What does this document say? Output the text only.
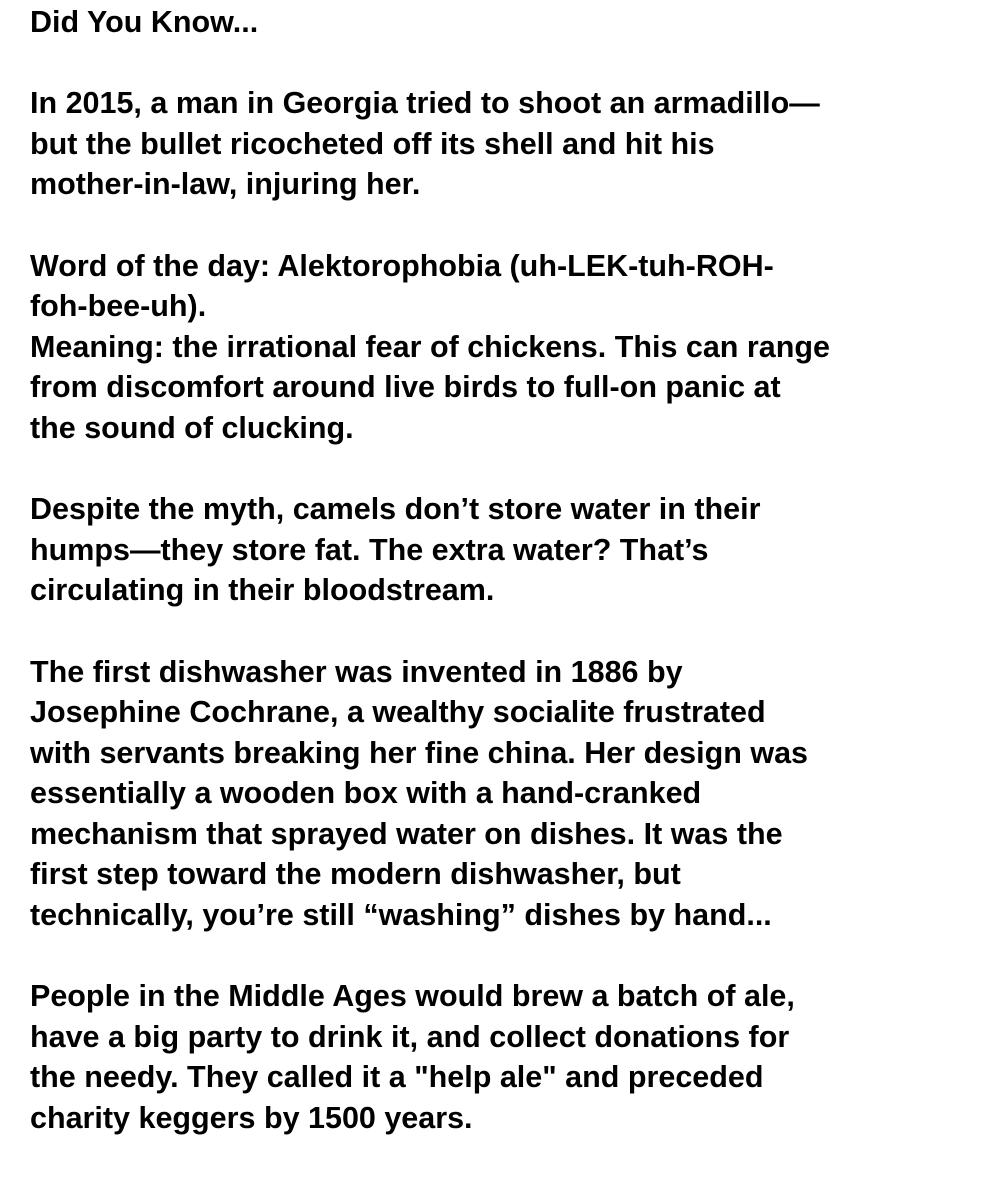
Did You Know...
In 2015, a man in Georgia tried to shoot an armadillo—
but the bullet ricocheted off its shell and hit his
mother-in-law, injuring her.
Word of the day: Alektorophobia (uh-LEK-tuh-ROH-
foh-bee-uh).
Meaning: the irrational fear of chickens. This can range
from discomfort around live birds to full-on panic at
the sound of clucking.
Despite the myth, camels don’t store water in their
humps—they store fat. The extra water? That’s
circulating in their bloodstream.
The first dishwasher was invented in 1886 by
Josephine Cochrane, a wealthy socialite frustrated
with servants breaking her fine china. Her design was
essentially a wooden box with a hand-cranked
mechanism that sprayed water on dishes. It was the
first step toward the modern dishwasher, but
technically, you’re still “washing” dishes by hand...
People in the Middle Ages would brew a batch of ale,
have a big party to drink it, and collect donations for
the needy. They called it a "help ale" and preceded
charity keggers by 1500 years.
